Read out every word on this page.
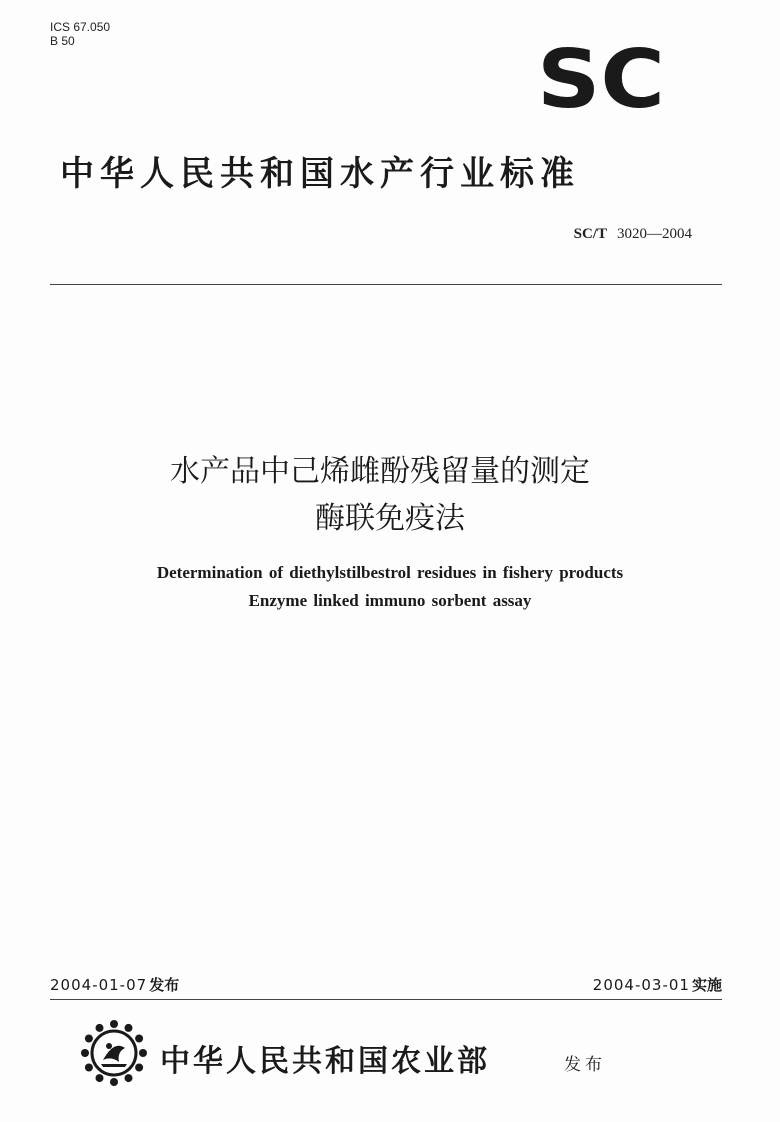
ICS 67.050
B 50	SC
中华人民共和国水产行业标准
SC/T 3020—2004
水产品中己烯雌酚残留量的测定
酶联免疫法
Determination of diethylstilbestrol residues in fishery products
Enzyme linked immuno sorbent assay
2004-01-07 发布	2004-03-01 实施
中华人民共和国农业部	发布
